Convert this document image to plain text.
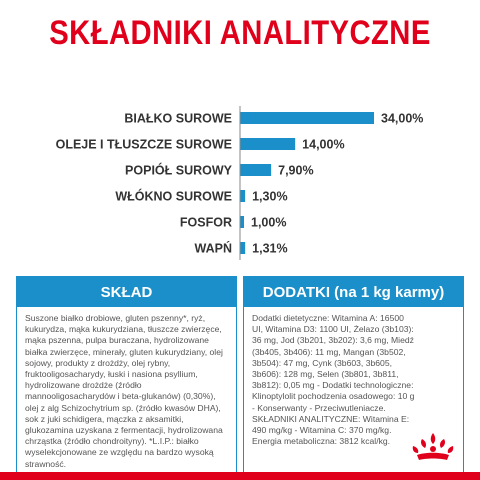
SKŁADNIKI ANALITYCZNE
BIAŁKO SUROWE	34,00%
OLEJE I TŁUSZCZE SUROWE	14,00%
POPIÓŁ SUROWY	7,90%
WŁÓKNO SUROWE 1,30%
FOSFOR 1,00%
WAPŃ 1,31%
SKŁAD
Suszone białko drobiowe, gluten pszenny*, ryż, kukurydza, mąka kukurydziana, tłuszcze zwierzęce, mąka pszenna, pulpa buraczana, hydrolizowane białka zwierzęce, minerały, gluten kukurydziany, olej sojowy, produkty z drożdży, olej rybny, fruktooligosacharydy, łuski i nasiona psyllium, hydrolizowane drożdże (źródło mannooligosacharydów i beta-glukanów) (0,30%), olej z alg Schizochytrium sp. (źródło kwasów DHA), sok z juki schidigera, mączka z aksamitki, glukozamina uzyskana z fermentacji, hydrolizowana chrząstka (źródło chondroityny). *L.I.P.: białko wyselekcjonowane ze względu na bardzo wysoką strawność.
DODATKI (na 1 kg karmy)
Dodatki dietetyczne: Witamina A: 16500 UI, Witamina D3: 1100 UI, Żelazo (3b103): 36 mg, Jod (3b201, 3b202): 3,6 mg, Miedź (3b405, 3b406): 11 mg, Mangan (3b502, 3b504): 47 mg, Cynk (3b603, 3b605, 3b606): 128 mg, Selen (3b801, 3b811, 3b812): 0,05 mg - Dodatki technologiczne: Klinoptylolit pochodzenia osadowego: 10 g - Konserwanty - Przeciwutleniacze. SKŁADNIKI ANALITYCZNE: Witamina E: 490 mg/kg - Witamina C: 370 mg/kg. Energia metaboliczna: 3812 kcal/kg.
